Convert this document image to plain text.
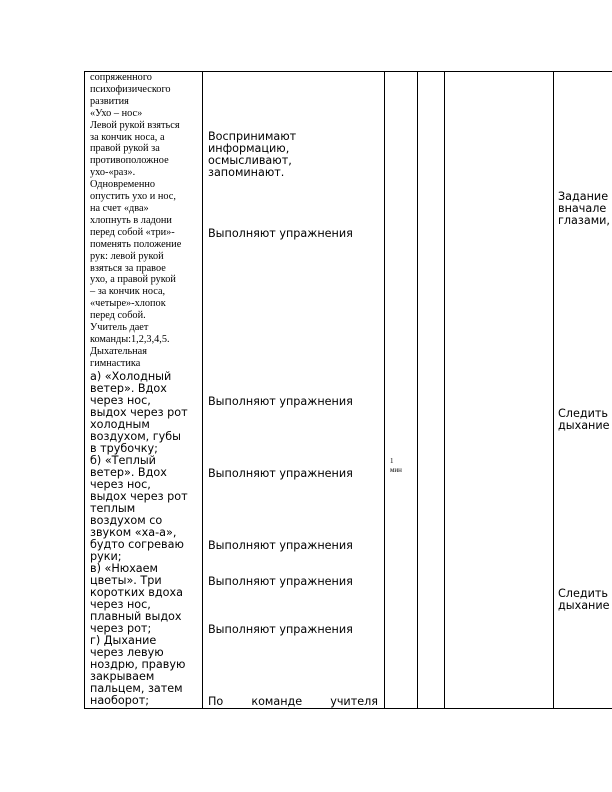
сопряженного
психофизического
развития
«Ухо – нос»
Левой рукой взяться
за кончик носа, а
правой рукой за
противоположное
ухо-«раз».
Одновременно
опустить ухо и нос,
на счет «два»
хлопнуть в ладони
перед собой «три»-
поменять положение
рук: левой рукой
взяться за правое
ухо, а правой рукой
– за кончик носа,
«четыре»-хлопок
перед собой.
Учитель дает
команды:1,2,3,4,5.
Дыхательная
гимнастика
а) «Холодный
ветер». Вдох
через нос,
выдох через рот
холодным
воздухом, губы
в трубочку;
б) «Теплый
ветер». Вдох
через нос,
выдох через рот
теплым
воздухом со
звуком «ха-а»,
будто согреваю
руки;
в) «Нюхаем
цветы». Три
коротких вдоха
через нос,
плавный выдох
через рот;
г) Дыхание
через левую
ноздрю, правую
закрываем
пальцем, затем
наоборот;
Воспринимают
информацию,
осмысливают,
запоминают.
Выполняют упражнения
Выполняют упражнения
Выполняют упражнения
Выполняют упражнения
Выполняют упражнения
Выполняют упражнения
По	команде	учителя
1
мин
Задание
вначале
глазами,
Следить
дыхание
Следить
дыхание
